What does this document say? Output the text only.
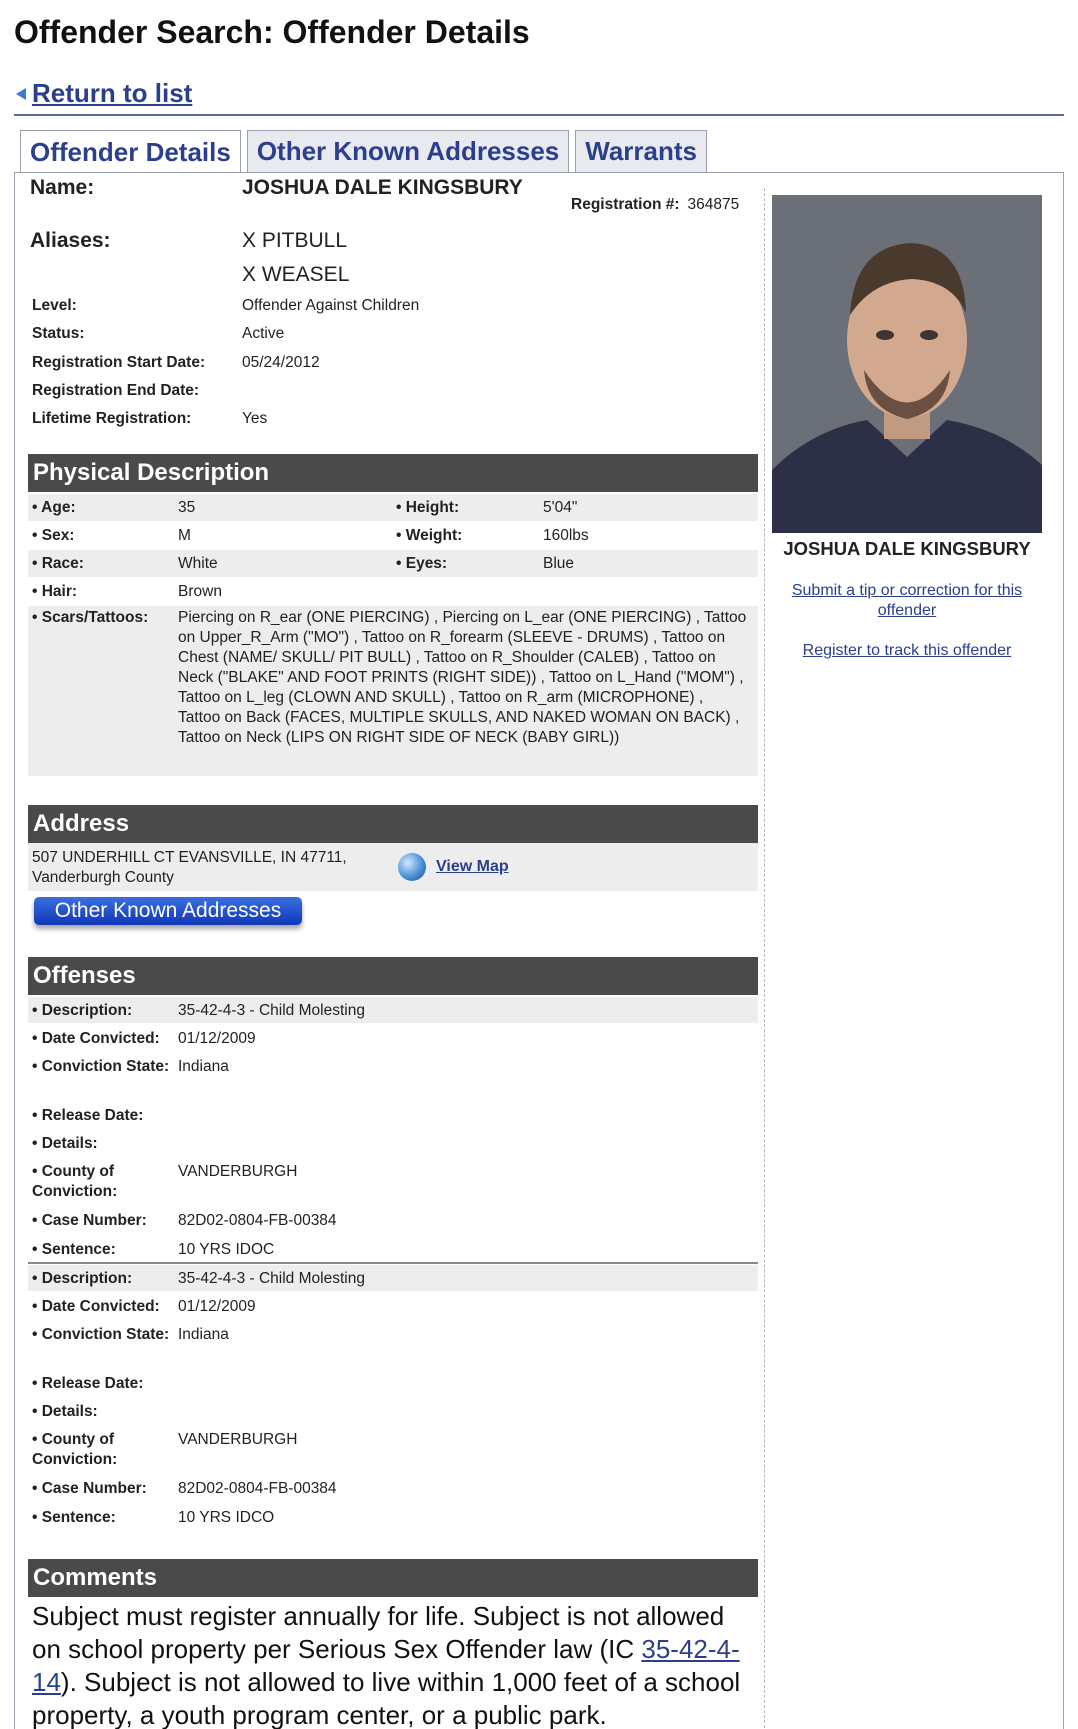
Offender Search: Offender Details
Return to list
Offender Details	Other Known Addresses	Warrants
Name:	JOSHUA DALE KINGSBURY
Registration #: 364875
Aliases:	X PITBULL
X WEASEL
Level:	Offender Against Children
Status:	Active
Registration Start Date: 05/24/2012
Registration End Date:
Lifetime Registration:	Yes
Physical Description
• Age:	35	• Height:	5'04"
• Sex:	M	• Weight:	160lbs
• Race:	White	• Eyes:	Blue
• Hair:	Brown
• Scars/Tattoos: Piercing on R_ear (ONE PIERCING) , Piercing on L_ear (ONE PIERCING) , Tattoo on Upper_R_Arm ("MO") , Tattoo on R_forearm (SLEEVE - DRUMS) , Tattoo on Chest (NAME/ SKULL/ PIT BULL) , Tattoo on R_Shoulder (CALEB) , Tattoo on Neck ("BLAKE" AND FOOT PRINTS (RIGHT SIDE)) , Tattoo on L_Hand ("MOM") , Tattoo on L_leg (CLOWN AND SKULL) , Tattoo on R_arm (MICROPHONE) , Tattoo on Back (FACES, MULTIPLE SKULLS, AND NAKED WOMAN ON BACK) , Tattoo on Neck (LIPS ON RIGHT SIDE OF NECK (BABY GIRL))
Address
507 UNDERHILL CT EVANSVILLE, IN 47711,
Vanderburgh County
View Map
Other Known Addresses
Offenses
• Description:	35-42-4-3 - Child Molesting
• Date Convicted:	01/12/2009
• Conviction State: Indiana
• Release Date:
• Details:
• County of Conviction:
VANDERBURGH
• Case Number:	82D02-0804-FB-00384
• Sentence:	10 YRS IDOC
• Description:	35-42-4-3 - Child Molesting
• Date Convicted:	01/12/2009
• Conviction State: Indiana
• Release Date:
• Details:
• County of Conviction:
VANDERBURGH
• Case Number:	82D02-0804-FB-00384
• Sentence:	10 YRS IDCO
Comments
Subject must register annually for life. Subject is not allowed on school property per Serious Sex Offender law (IC 35-42-4-14). Subject is not allowed to live within 1,000 feet of a school property, a youth program center, or a public park.
JOSHUA DALE KINGSBURY
Submit a tip or correction for this offender
Register to track this offender
